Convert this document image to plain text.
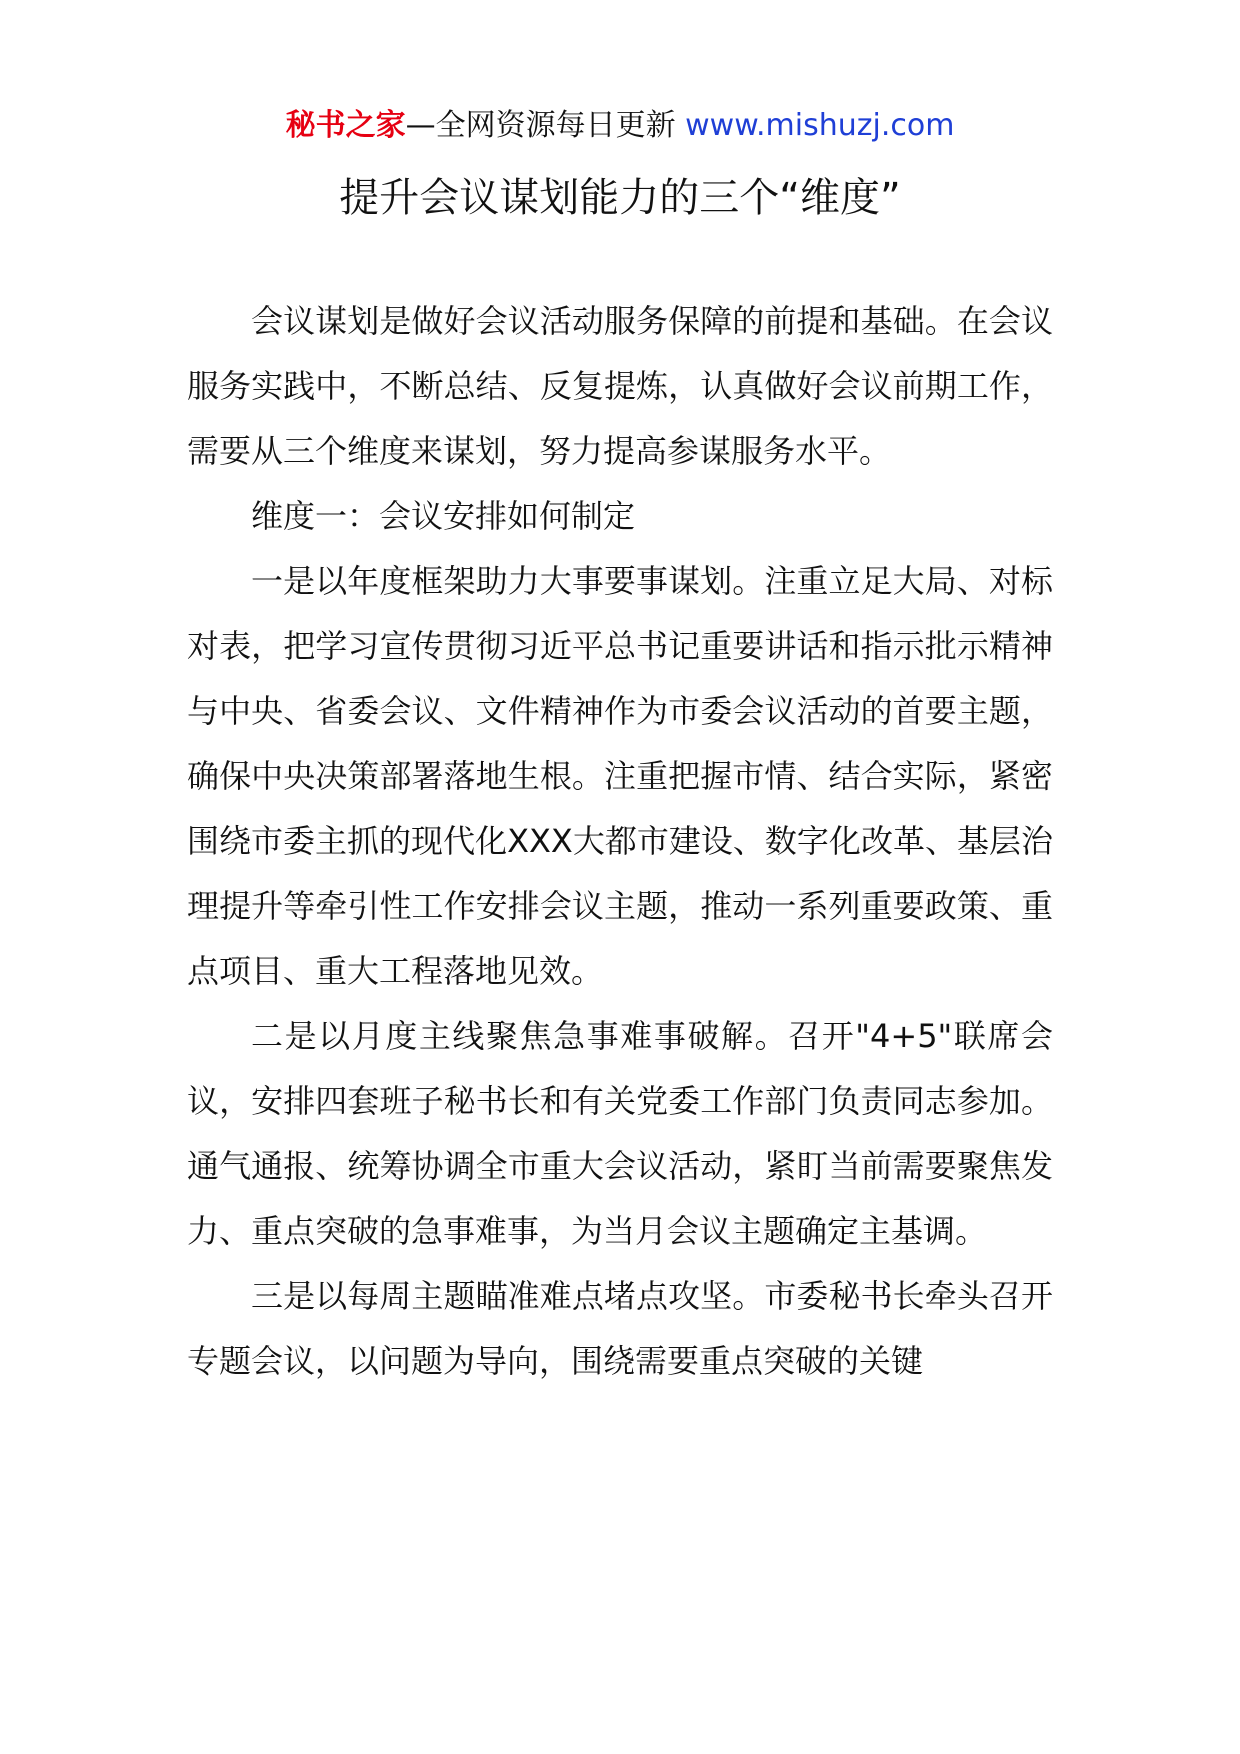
秘书之家—全网资源每日更新 www.mishuzj.com
提升会议谋划能力的三个“维度”

会议谋划是做好会议活动服务保障的前提和基础。在会议服务实践中，不断总结、反复提炼，认真做好会议前期工作，需要从三个维度来谋划，努力提高参谋服务水平。

维度一：会议安排如何制定

一是以年度框架助力大事要事谋划。注重立足大局、对标对表，把学习宣传贯彻习近平总书记重要讲话和指示批示精神与中央、省委会议、文件精神作为市委会议活动的首要主题，确保中央决策部署落地生根。注重把握市情、结合实际，紧密围绕市委主抓的现代化XXX大都市建设、数字化改革、基层治理提升等牵引性工作安排会议主题，推动一系列重要政策、重点项目、重大工程落地见效。

二是以月度主线聚焦急事难事破解。召开"4+5"联席会议，安排四套班子秘书长和有关党委工作部门负责同志参加。通气通报、统筹协调全市重大会议活动，紧盯当前需要聚焦发力、重点突破的急事难事，为当月会议主题确定主基调。

三是以每周主题瞄准难点堵点攻坚。市委秘书长牵头召开专题会议，以问题为导向，围绕需要重点突破的关键
